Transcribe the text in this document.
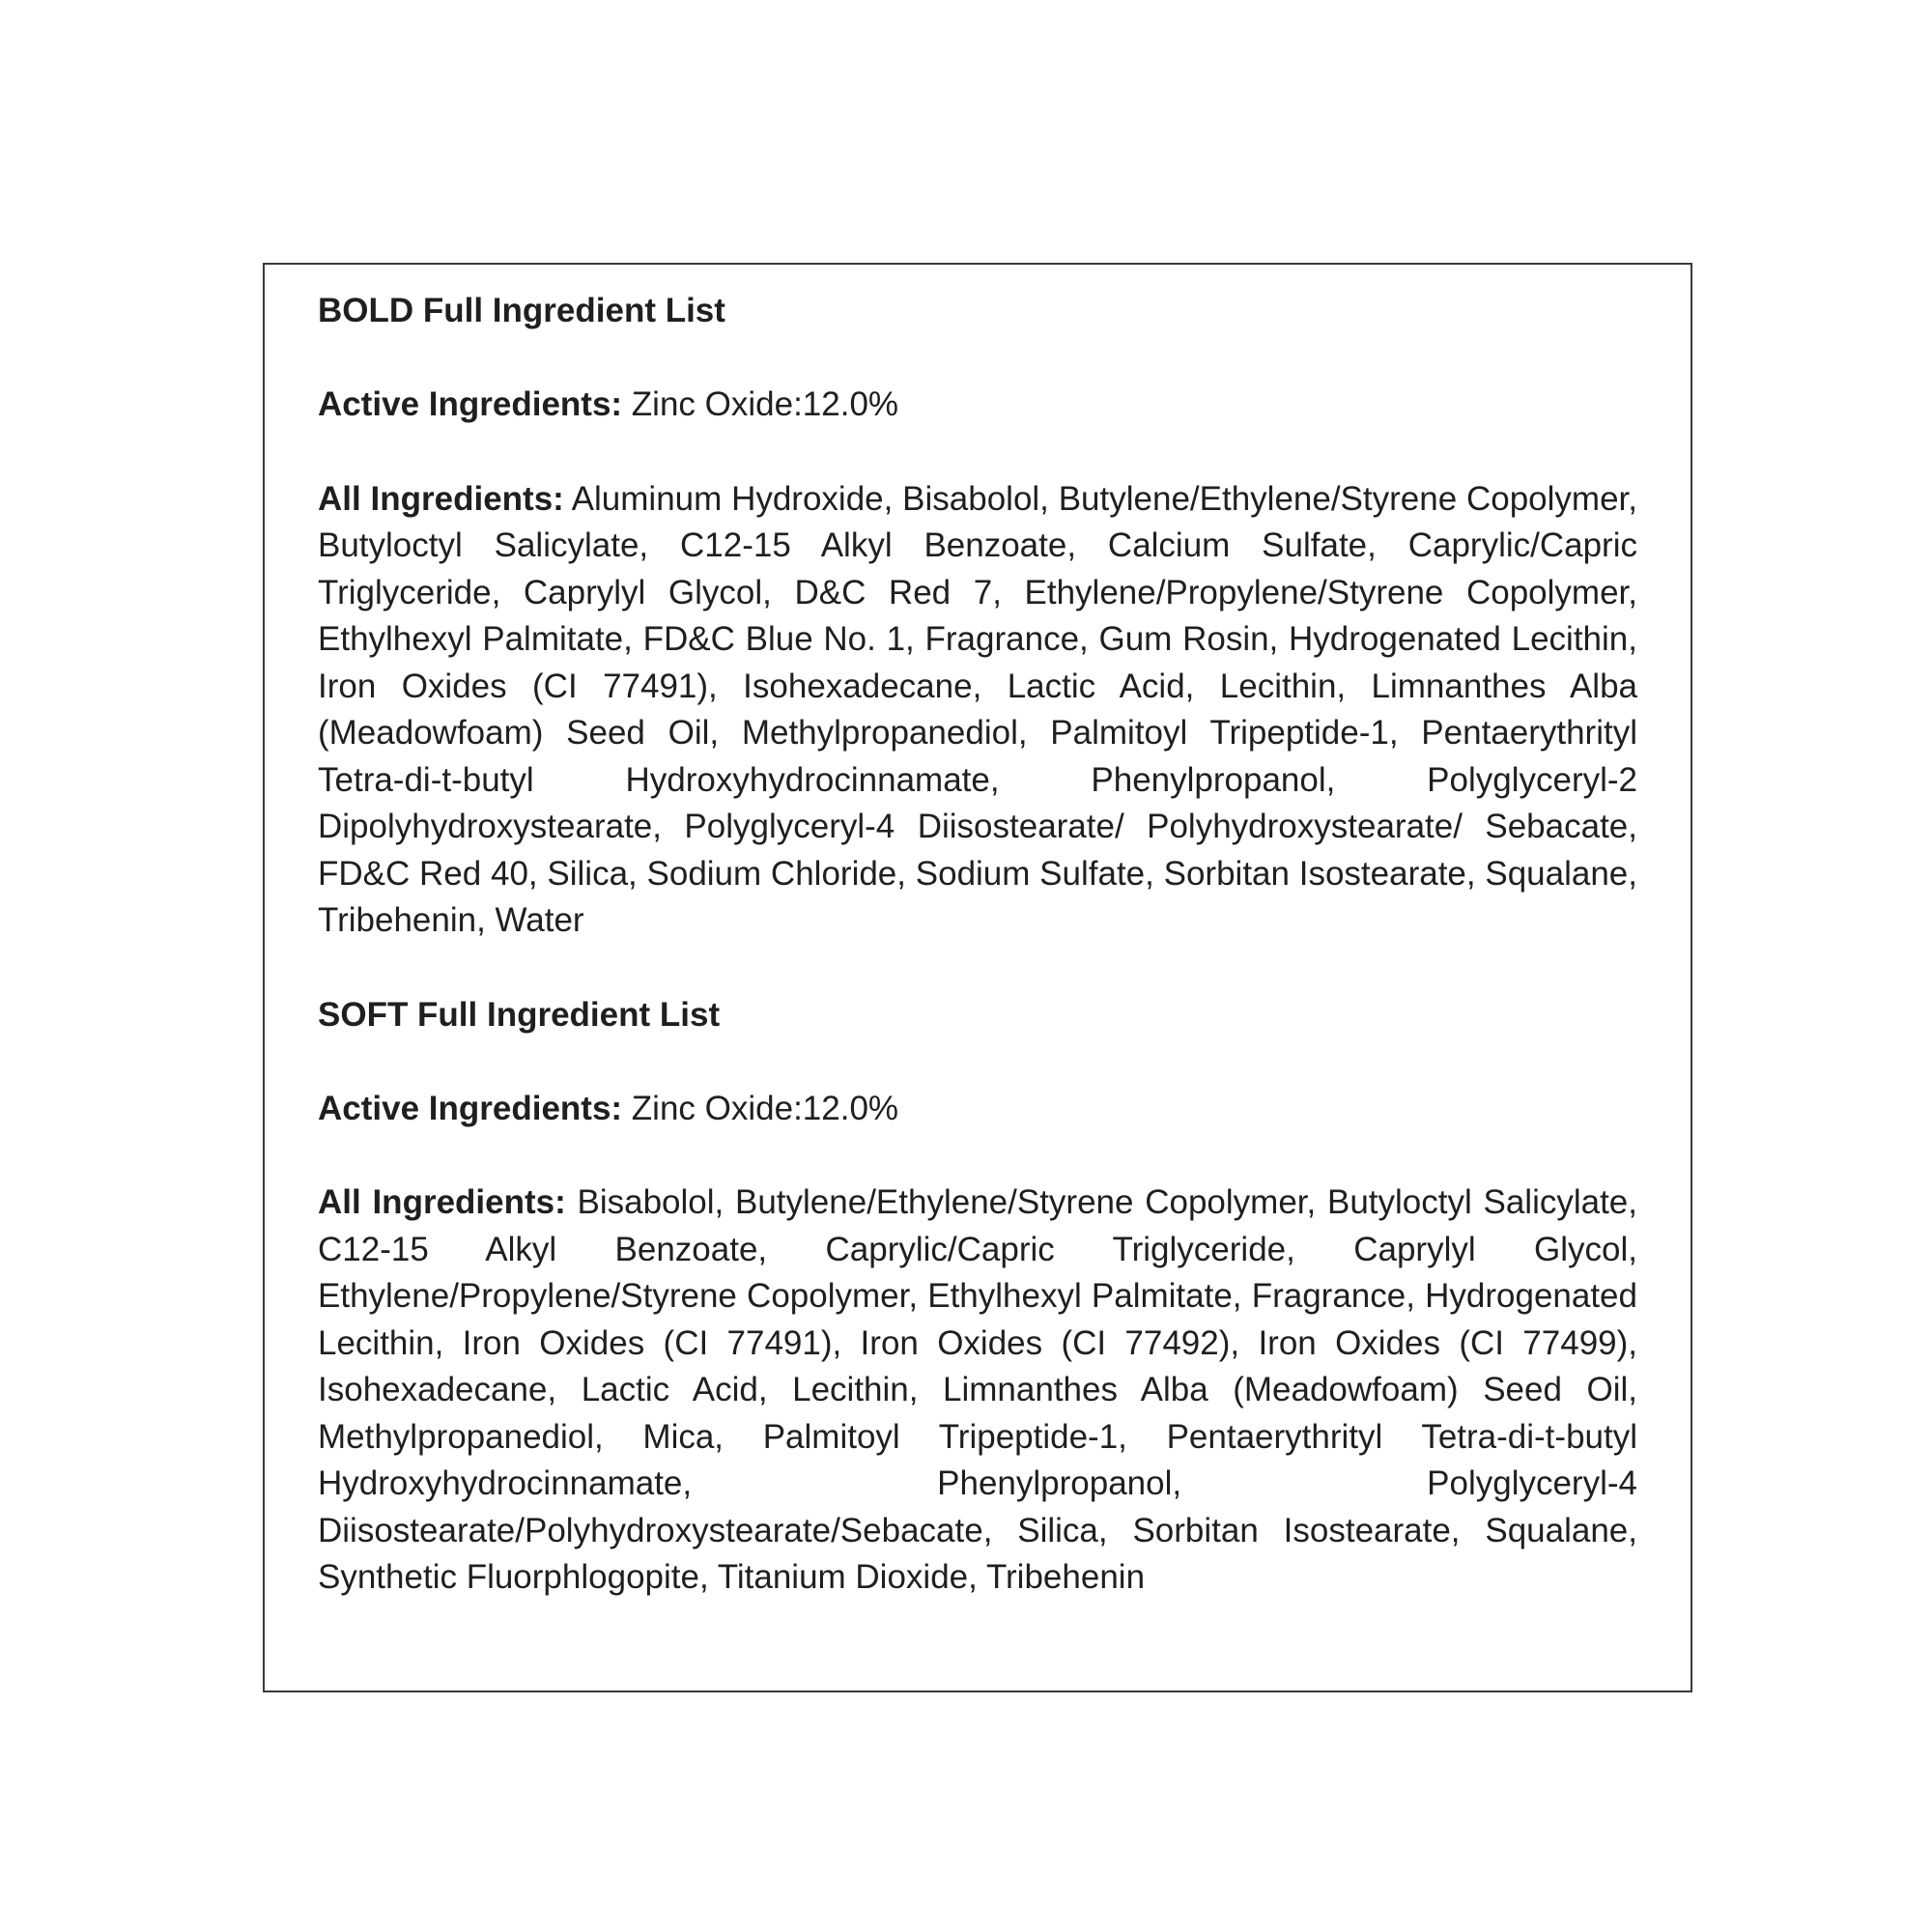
BOLD Full Ingredient List
Active Ingredients: Zinc Oxide:12.0%
All Ingredients: Aluminum Hydroxide, Bisabolol, Butylene/Ethylene/Styrene Copolymer, Butyloctyl Salicylate, C12-15 Alkyl Benzoate, Calcium Sulfate, Caprylic/Capric Triglyceride, Caprylyl Glycol, D&C Red 7, Ethylene/Propylene/Styrene Copolymer, Ethylhexyl Palmitate, FD&C Blue No. 1, Fragrance, Gum Rosin, Hydrogenated Lecithin, Iron Oxides (CI 77491), Isohexadecane, Lactic Acid, Lecithin, Limnanthes Alba (Meadowfoam) Seed Oil, Methylpropanediol, Palmitoyl Tripeptide-1, Pentaerythrityl Tetra-di-t-butyl Hydroxyhydrocinnamate, Phenylpropanol, Polyglyceryl-2 Dipolyhydroxystearate, Polyglyceryl-4 Diisostearate/ Polyhydroxystearate/ Sebacate, FD&C Red 40, Silica, Sodium Chloride, Sodium Sulfate, Sorbitan Isostearate, Squalane, Tribehenin, Water
SOFT Full Ingredient List
Active Ingredients: Zinc Oxide:12.0%
All Ingredients: Bisabolol, Butylene/Ethylene/Styrene Copolymer, Butyloctyl Salicylate, C12-15 Alkyl Benzoate, Caprylic/Capric Triglyceride, Caprylyl Glycol, Ethylene/Propylene/Styrene Copolymer, Ethylhexyl Palmitate, Fragrance, Hydrogenated Lecithin, Iron Oxides (CI 77491), Iron Oxides (CI 77492), Iron Oxides (CI 77499), Isohexadecane, Lactic Acid, Lecithin, Limnanthes Alba (Meadowfoam) Seed Oil, Methylpropanediol, Mica, Palmitoyl Tripeptide-1, Pentaerythrityl Tetra-di-t-butyl Hydroxyhydrocinnamate, Phenylpropanol, Polyglyceryl-4 Diisostearate/Polyhydroxystearate/Sebacate, Silica, Sorbitan Isostearate, Squalane, Synthetic Fluorphlogopite, Titanium Dioxide, Tribehenin
